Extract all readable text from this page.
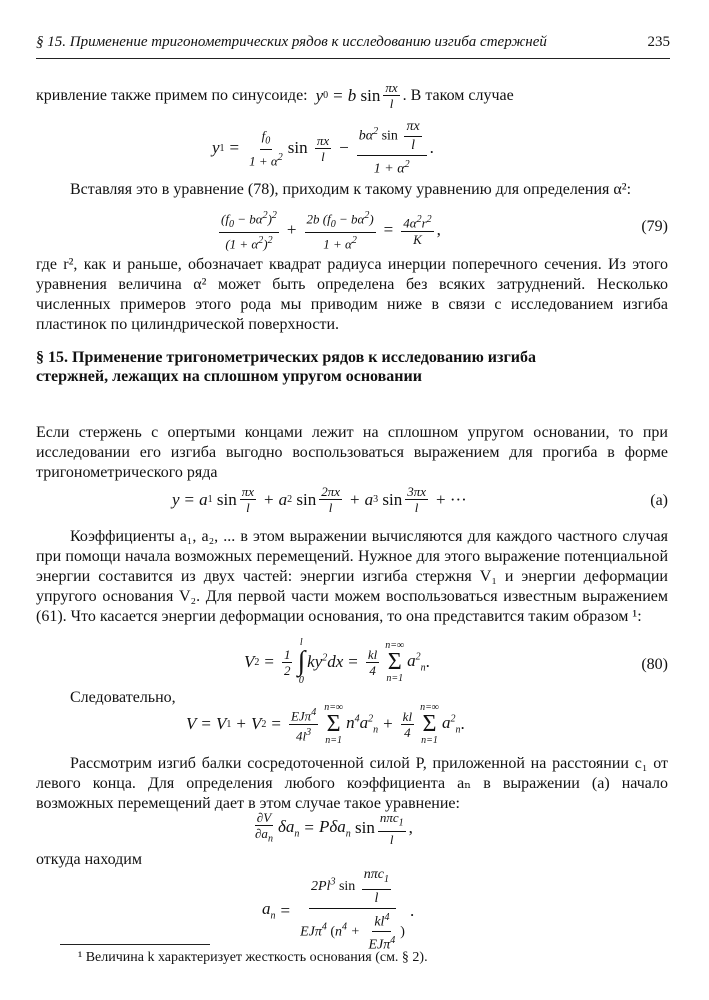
§ 15. Применение тригонометрических рядов к исследованию изгиба стержней	235
кривление также примем по синусоиде: y 0 = b
$\sin \frac{\pi x}{l}$ . В таком случае
y $1 = \frac{f_0}{1 + \alpha^2}$ sin
$\frac{\pi x}{l} - \frac{b\alpha^2 \sin \frac{\pi x}{l}}{1 + \alpha^2}$ .
Вставляя это в уравнение (78), приходим к такому уравнению для определения α²:
$\frac{(f_0 - b\alpha^2)^2}{(1 + \alpha^2)^2} + \frac{2b (f_0 - b\alpha^2)}{1 + \alpha^2} = \frac{4\alpha^2r^2}{K}$ ,	(79)
где r², как и раньше, обозначает квадрат радиуса инерции поперечного сечения. Из этого уравнения величина α² может быть определена без всяких затруднений. Несколько численных примеров этого рода мы приводим ниже в связи с исследованием изгиба пластинок по цилиндрической поверхности.
§ 15. Применение тригонометрических рядов к исследованию изгиба стержней, лежащих на сплошном упругом основании
Если стержень с опертыми концами лежит на сплошном упругом основании, то при исследовании его изгиба выгодно воспользоваться выражением для прогиба в форме тригонометрического ряда
y = a 1
$\sin \frac{\pi x}{l} + a$ 2
$\sin \frac{2\pi x}{l} + a$ 3
$\sin \frac{3\pi x}{l}$ + ···	(a)
Коэффициенты a₁, a₂, ... в этом выражении вычисляются для каждого частного случая при помощи начала возможных перемещений. Нужное для этого выражение потенциальной энергии составится из двух частей: энергии изгиба стержня V₁ и энергии деформации упругого основания V₂. Для первой части можем воспользоваться известным выражением (61). Что касается энергии деформации основания, то она представится таким образом ¹:
V $2 = \frac{1}{2}$
l
∫
0
$ky^2dx = \frac{kl}{4}$
n=∞
Σ
n=1
$a^2_n$ .	(80)
Следовательно,
V = V 1 + V $2 = \frac{EJ\pi^4}{4l^3} n=\infty$
Σ
n=1
$n^4a^2_n + \frac{kl}{4}$
n=∞
Σ
n=1
$a^2_n$ .
Рассмотрим изгиб балки сосредоточенной силой P, приложенной на расстоянии c₁ от левого конца. Для определения любого коэффициента aₙ в выражении (а) начало возможных перемещений дает в этом случае такое уравнение:
$\frac{\partial V}{\partial a_n} \delta a_n = P\delta a_n$
$\sin \frac{n\pi c_1}{l}$ ,
откуда находим
$a_n = \frac{2Pl^3 \sin \frac{n\pi c_1}{l}}{EJ\pi^4 (n^4 + \frac{kl^4}{EJ\pi^4} )}$ .
¹ Величина k характеризует жесткость основания (см. § 2).
